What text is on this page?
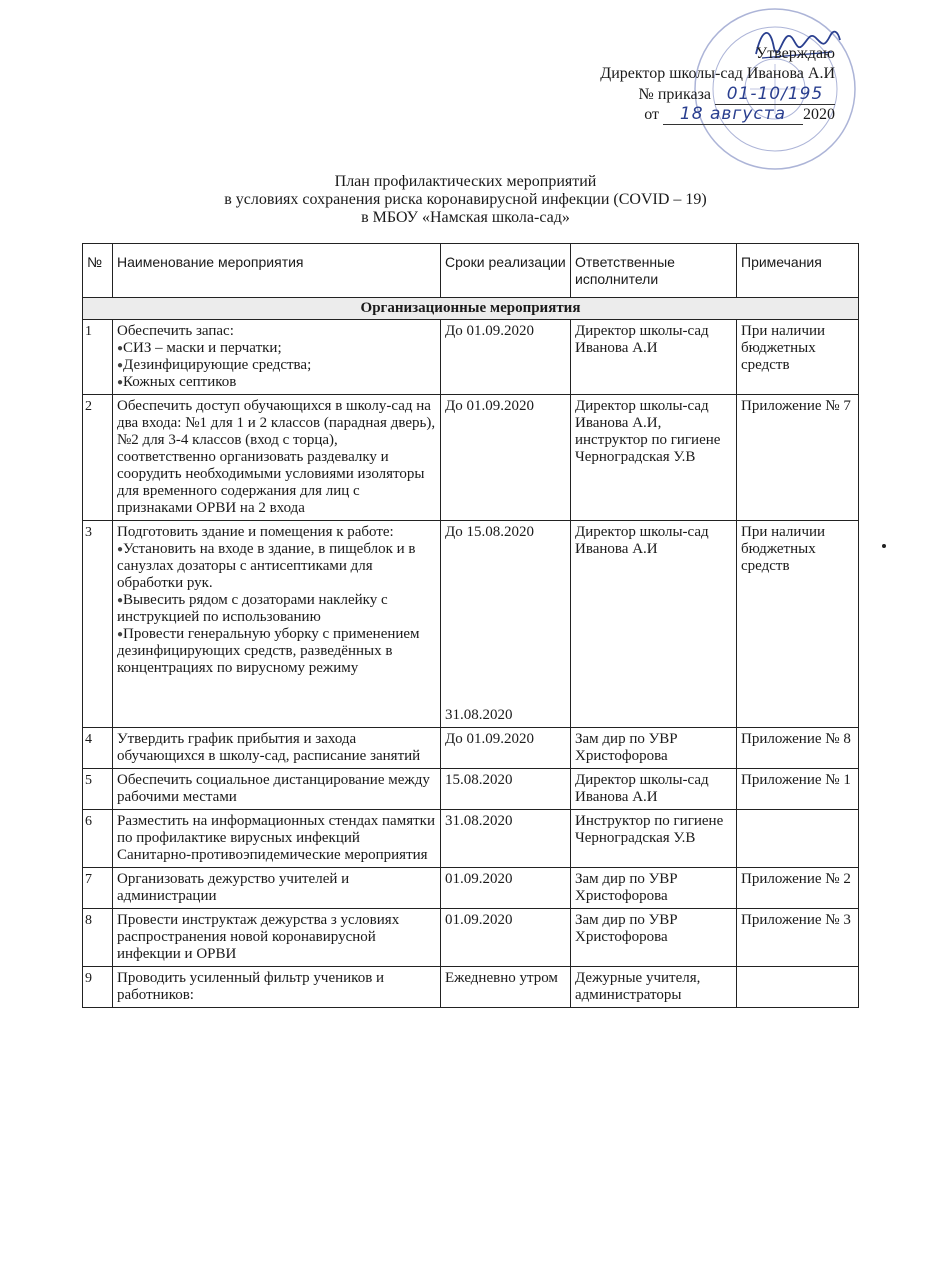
Утверждаю
Директор школы-сад Иванова А.И
№ приказа 01-10/195
от 18 августа 2020
План профилактических мероприятий
в условиях сохранения риска коронавирусной инфекции (COVID – 19)
в МБОУ «Намская школа-сад»
№	Наименование мероприятия	Сроки реализации	Ответственные исполнители	Примечания
Организационные мероприятия				
1	Обеспечить запас:
● СИЗ – маски и перчатки;
● Дезинфицирующие средства;
● Кожных септиков	До 01.09.2020	Директор школы-сад Иванова А.И	При наличии бюджетных средств
2	Обеспечить доступ обучающихся в школу-сад на два входа: №1 для 1 и 2 классов (парадная дверь), №2 для 3-4 классов (вход с торца), соответственно организовать раздевалку и соорудить необходимыми условиями изоляторы для временного содержания для лиц с признаками ОРВИ на 2 входа	До 01.09.2020	Директор школы-сад Иванова А.И, инструктор по гигиене Черноградская У.В	Приложение № 7
3	Подготовить здание и помещения к работе:
● Установить на входе в здание, в пищеблок и в санузлах дозаторы с антисептиками для обработки рук.
● Вывесить рядом с дозаторами наклейку с инструкцией по использованию
● Провести генеральную уборку с применением дезинфицирующих средств, разведённых в концентрациях по вирусному режиму	До 15.08.2020
31.08.2020	Директор школы-сад Иванова А.И	При наличии бюджетных средств
4	Утвердить график прибытия и захода обучающихся в школу-сад, расписание занятий	До 01.09.2020	Зам дир по УВР Христофорова	Приложение № 8
5	Обеспечить социальное дистанцирование между рабочими местами	15.08.2020	Директор школы-сад Иванова А.И	Приложение № 1
6	Разместить на информационных стендах памятки по профилактике вирусных инфекций Санитарно-противоэпидемические мероприятия	31.08.2020	Инструктор по гигиене Черноградская У.В	
7	Организовать дежурство учителей и администрации	01.09.2020	Зам дир по УВР Христофорова	Приложение № 2
8	Провести инструктаж дежурства з условиях распространения новой коронавирусной инфекции и ОРВИ	01.09.2020	Зам дир по УВР Христофорова	Приложение № 3
9	Проводить усиленный фильтр учеников и работников:	Ежедневно утром	Дежурные учителя, администраторы	
